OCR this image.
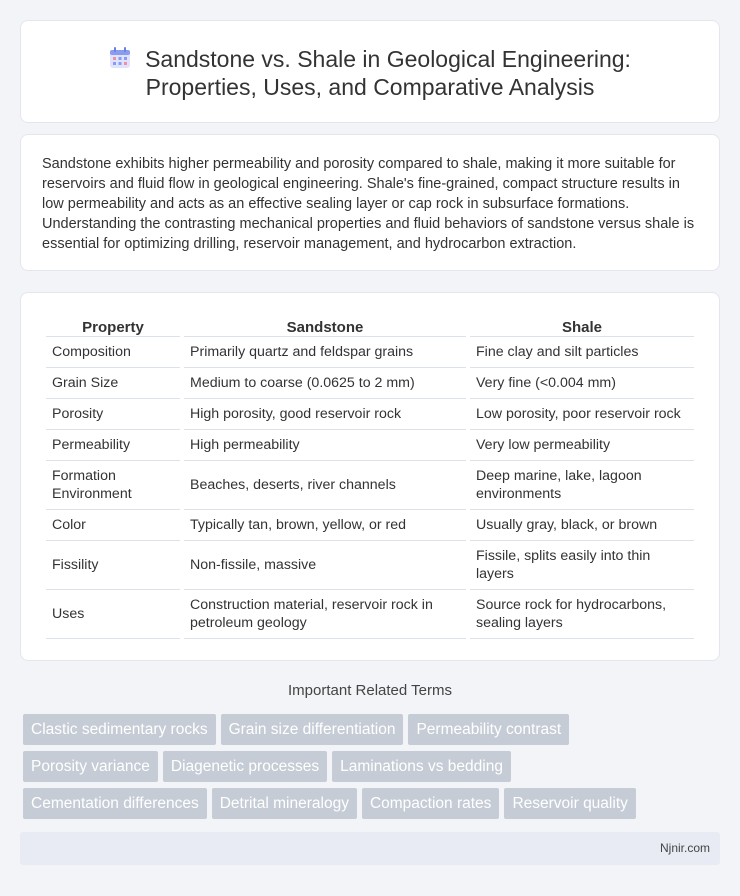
Sandstone vs. Shale in Geological Engineering:
Properties, Uses, and Comparative Analysis

Sandstone exhibits higher permeability and porosity compared to shale, making it more suitable for reservoirs and fluid flow in geological engineering. Shale's fine-grained, compact structure results in low permeability and acts as an effective sealing layer or cap rock in subsurface formations. Understanding the contrasting mechanical properties and fluid behaviors of sandstone versus shale is essential for optimizing drilling, reservoir management, and hydrocarbon extraction.

Property	Sandstone	Shale
Composition	Primarily quartz and feldspar grains	Fine clay and silt particles
Grain Size	Medium to coarse (0.0625 to 2 mm)	Very fine (<0.004 mm)
Porosity	High porosity, good reservoir rock	Low porosity, poor reservoir rock
Permeability	High permeability	Very low permeability
Formation Environment	Beaches, deserts, river channels	Deep marine, lake, lagoon environments
Color	Typically tan, brown, yellow, or red	Usually gray, black, or brown
Fissility	Non-fissile, massive	Fissile, splits easily into thin layers
Uses	Construction material, reservoir rock in petroleum geology	Source rock for hydrocarbons, sealing layers
Important Related Terms
Clastic sedimentary rocks Grain size differentiation Permeability contrast
Porosity variance Diagenetic processes Laminations vs bedding
Cementation differences Detrital mineralogy Compaction rates Reservoir quality
Njnir.com
